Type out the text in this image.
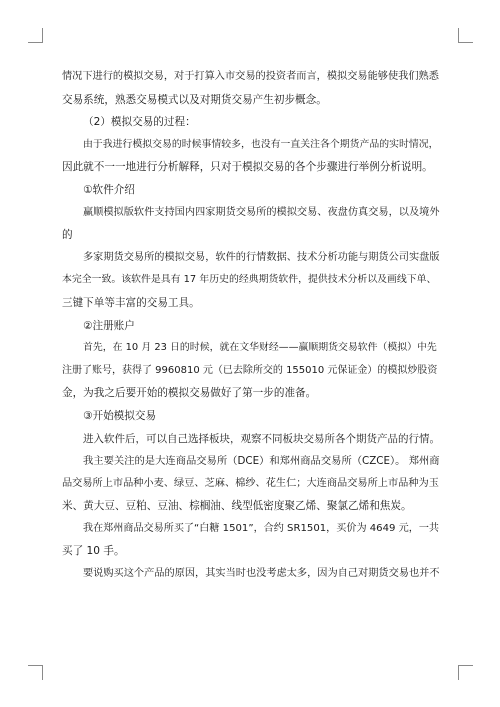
情况下进行的模拟交易，对于打算入市交易的投资者而言，模拟交易能够使我们熟悉

交易系统，熟悉交易模式以及对期货交易产生初步概念。

（2）模拟交易的过程：

由于我进行模拟交易的时候事情较多，也没有一直关注各个期货产品的实时情况，

因此就不一一地进行分析解释，只对于模拟交易的各个步骤进行举例分析说明。

①软件介绍

赢顺模拟版软件支持国内四家期货交易所的模拟交易、夜盘仿真交易，以及境外

的

多家期货交易所的模拟交易，软件的行情数据、技术分析功能与期货公司实盘版

本完全一致。该软件是具有 17 年历史的经典期货软件，提供技术分析以及画线下单、

三键下单等丰富的交易工具。

②注册账户

首先，在 10 月 23 日的时候，就在文华财经——赢顺期货交易软件（模拟）中先

注册了账号，获得了 9960810 元（已去除所交的 155010 元保证金）的模拟炒股资

金，为我之后要开始的模拟交易做好了第一步的准备。

③开始模拟交易

进入软件后，可以自己选择板块，观察不同板块交易所各个期货产品的行情。

我主要关注的是大连商品交易所（DCE）和郑州商品交易所（CZCE）。 郑州商

品交易所上市品种小麦、绿豆、芝麻、棉纱、花生仁；大连商品交易所上市品种为玉

米、黄大豆、豆粕、豆油、棕榈油、线型低密度聚乙烯、聚氯乙烯和焦炭。

我在郑州商品交易所买了“白糖 1501”，合约 SR1501，买价为 4649 元，一共

买了 10 手。

要说购买这个产品的原因，其实当时也没考虑太多，因为自己对期货交易也并不
